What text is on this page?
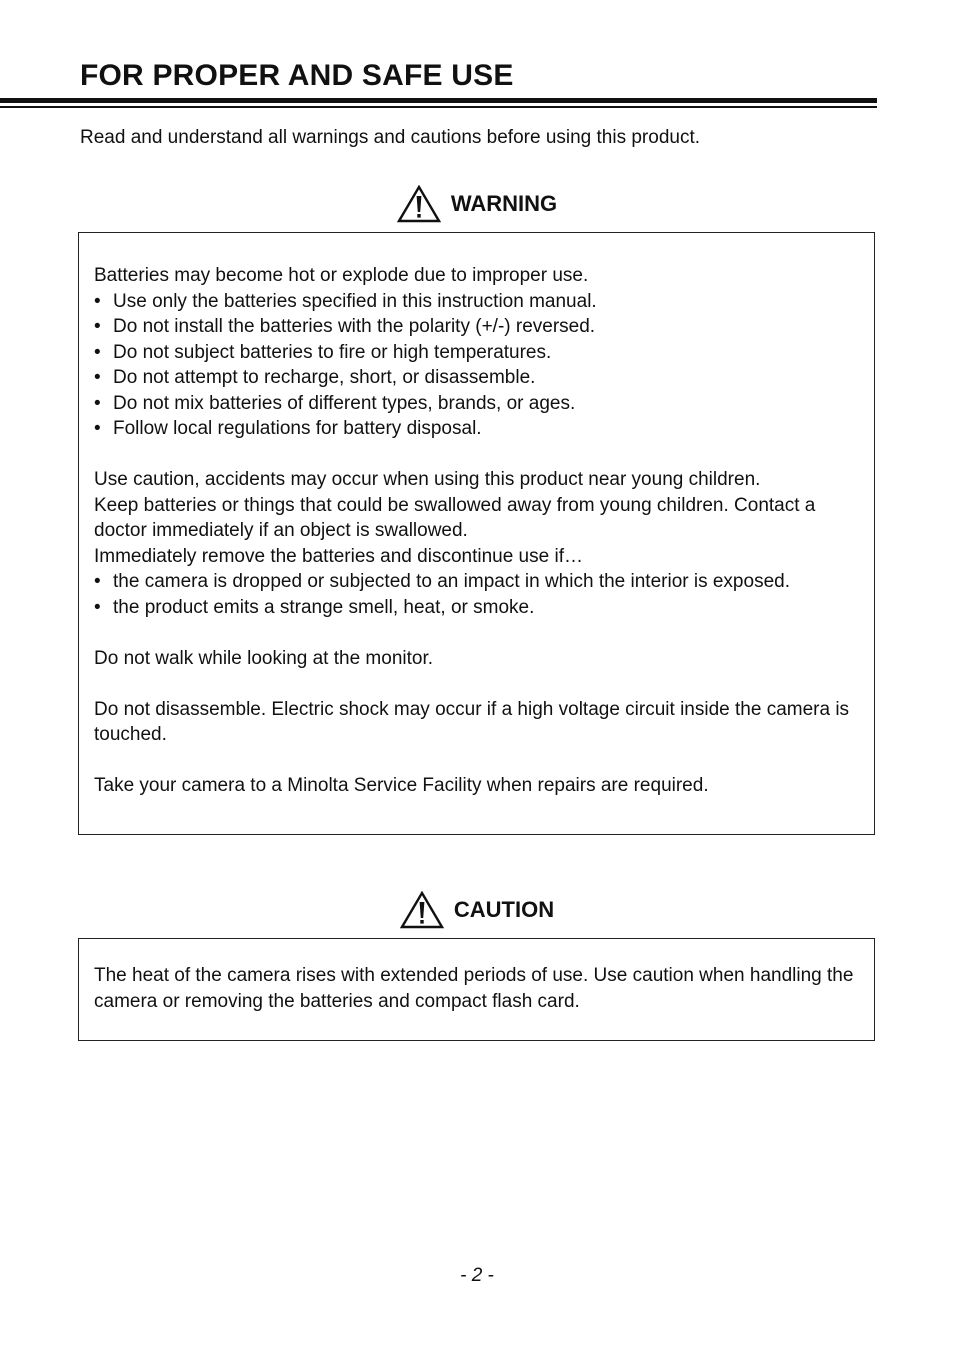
FOR PROPER AND SAFE USE

Read and understand all warnings and cautions before using this product.

WARNING

Batteries may become hot or explode due to improper use.

• Use only the batteries specified in this instruction manual.
• Do not install the batteries with the polarity (+/-) reversed.
• Do not subject batteries to fire or high temperatures.
• Do not attempt to recharge, short, or disassemble.
• Do not mix batteries of different types, brands, or ages.
• Follow local regulations for battery disposal.

Use caution, accidents may occur when using this product near young children.

Keep batteries or things that could be swallowed away from young children. Contact a doctor immediately if an object is swallowed.

Immediately remove the batteries and discontinue use if…

• the camera is dropped or subjected to an impact in which the interior is exposed.
• the product emits a strange smell, heat, or smoke.

Do not walk while looking at the monitor.

Do not disassemble. Electric shock may occur if a high voltage circuit inside the camera is touched.

Take your camera to a Minolta Service Facility when repairs are required.

CAUTION

The heat of the camera rises with extended periods of use. Use caution when handling the camera or removing the batteries and compact flash card.

- 2 -
